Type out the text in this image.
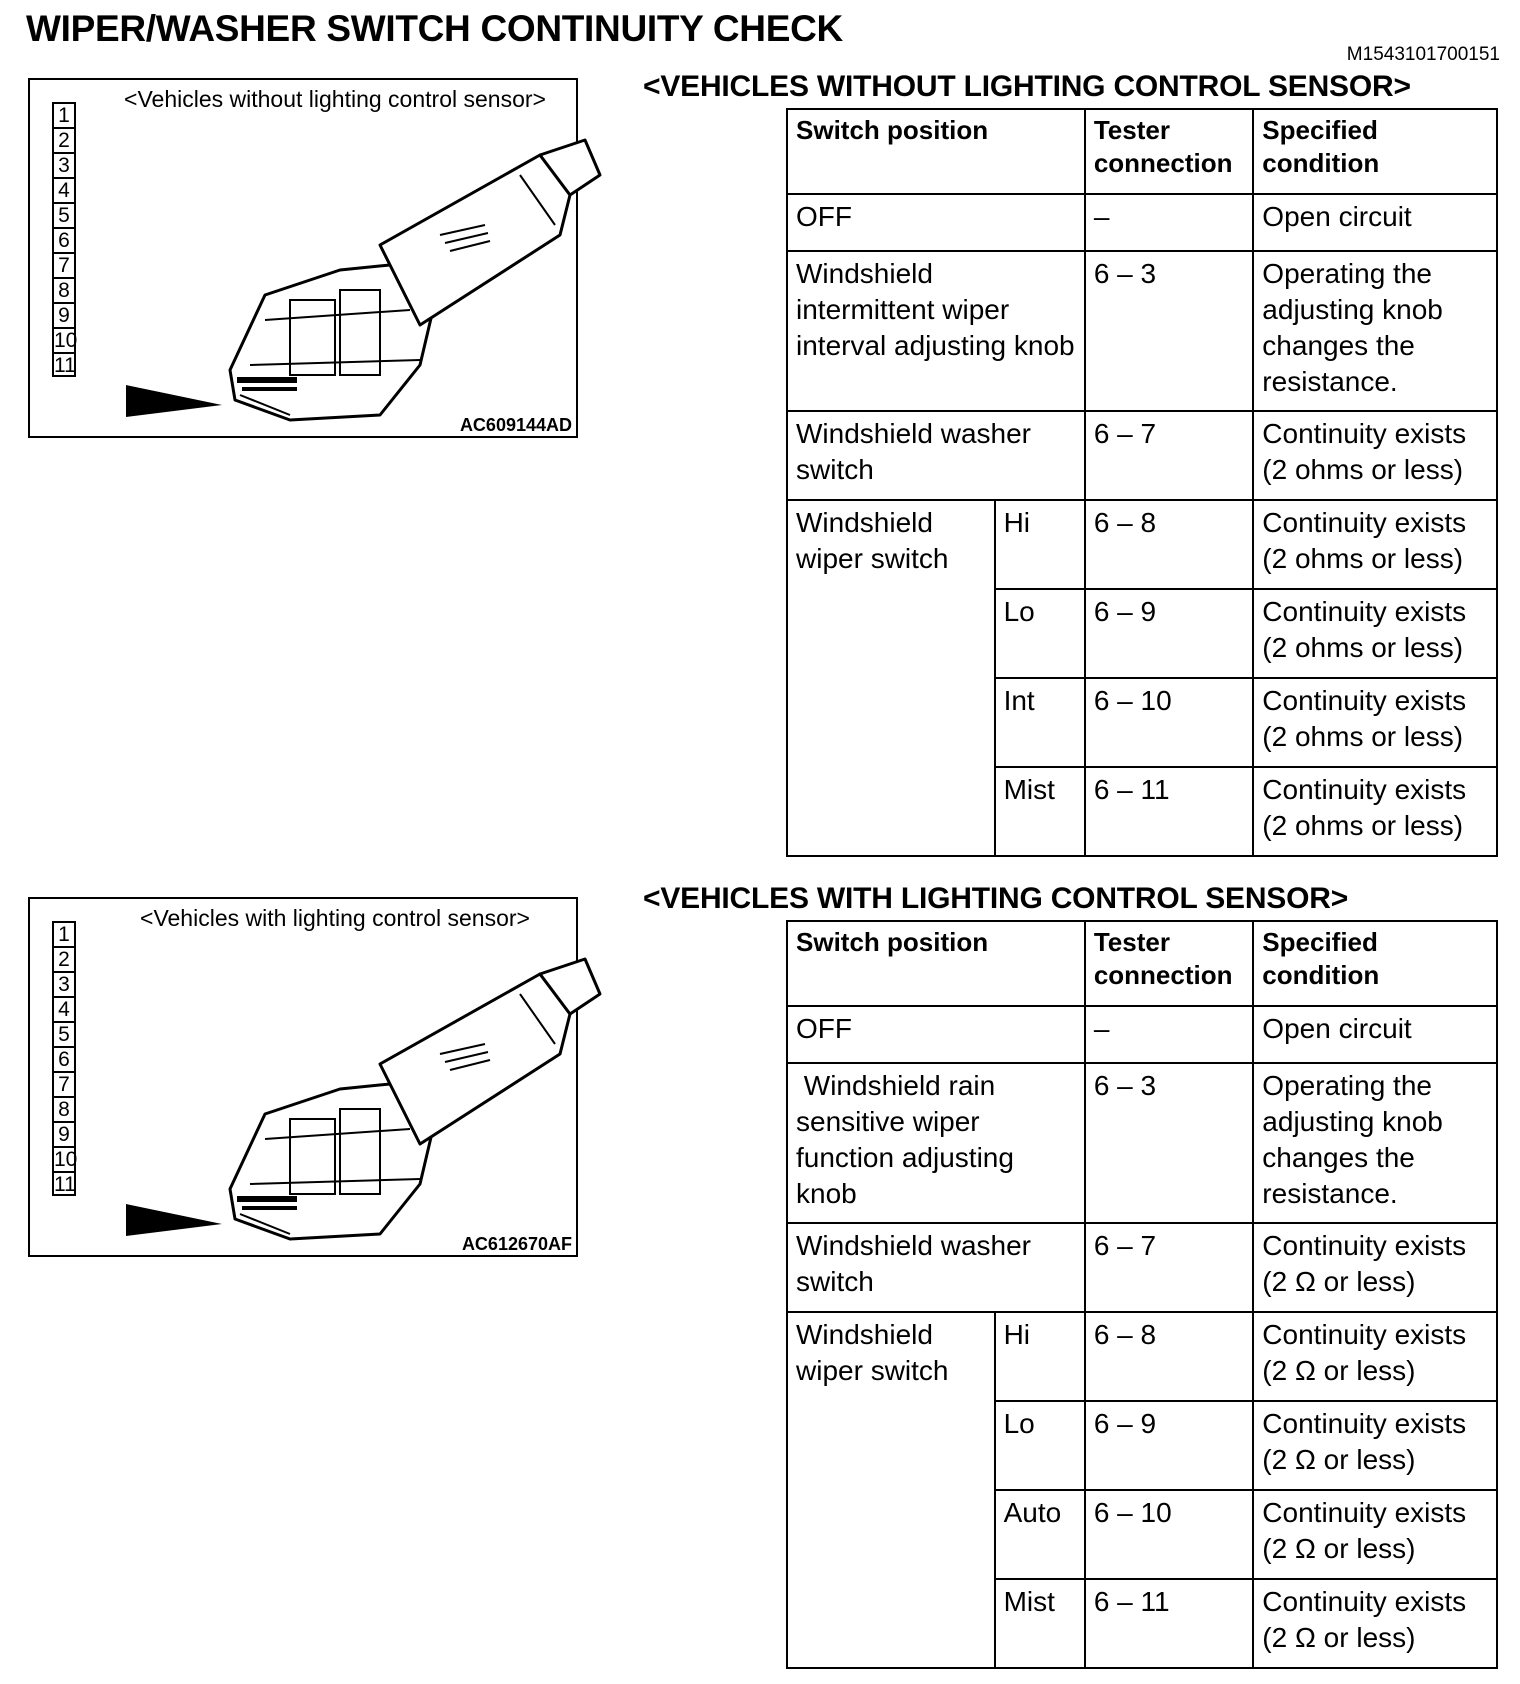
WIPER/WASHER SWITCH CONTINUITY CHECK
M1543101700151
<Vehicles without lighting control sensor>
1
2
3
4
5
6
7
8
9
10
11
AC609144AD
<Vehicles with lighting control sensor>
1
2
3
4
5
6
7
8
9
10
11
AC612670AF
<VEHICLES WITHOUT LIGHTING CONTROL SENSOR>
Switch position		Tester connection	Specified condition
OFF		–	Open circuit
Windshield intermittent wiper interval adjusting knob		6 – 3	Operating the adjusting knob changes the resistance.
Windshield washer switch		6 – 7	Continuity exists (2 ohms or less)
Windshield wiper switch	Hi	6 – 8	Continuity exists (2 ohms or less)
	Lo	6 – 9	Continuity exists (2 ohms or less)
	Int	6 – 10	Continuity exists (2 ohms or less)
	Mist	6 – 11	Continuity exists (2 ohms or less)
<VEHICLES WITH LIGHTING CONTROL SENSOR>
Switch position		Tester connection	Specified condition
OFF		–	Open circuit
Windshield rain sensitive wiper function adjusting knob		6 – 3	Operating the adjusting knob changes the resistance.
Windshield washer switch		6 – 7	Continuity exists (2 Ω or less)
Windshield wiper switch	Hi	6 – 8	Continuity exists (2 Ω or less)
	Lo	6 – 9	Continuity exists (2 Ω or less)
	Auto	6 – 10	Continuity exists (2 Ω or less)
	Mist	6 – 11	Continuity exists (2 Ω or less)
